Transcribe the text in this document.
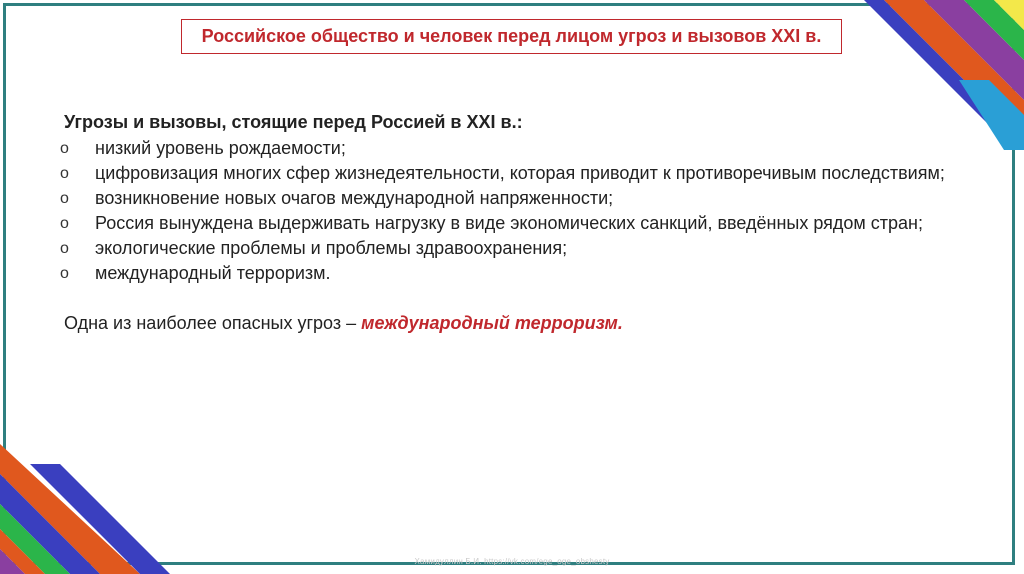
Российское общество и человек перед лицом угроз и вызовов XXI в.
Угрозы и вызовы, стоящие перед Россией в XXI в.:
o	низкий уровень рождаемости;
o	цифровизация многих сфер жизнедеятельности, которая приводит к противоречивым последствиям;
o	возникновение новых очагов международной напряженности;
o	Россия вынуждена выдерживать нагрузку в виде экономических санкций, введённых рядом стран;
o	экологические проблемы и проблемы здравоохранения;
o	международный терроризм.
Одна из наиболее опасных угроз – международный терроризм.
Хамидуллин Б.И. https://vk.com/ege_oge_obshesty
